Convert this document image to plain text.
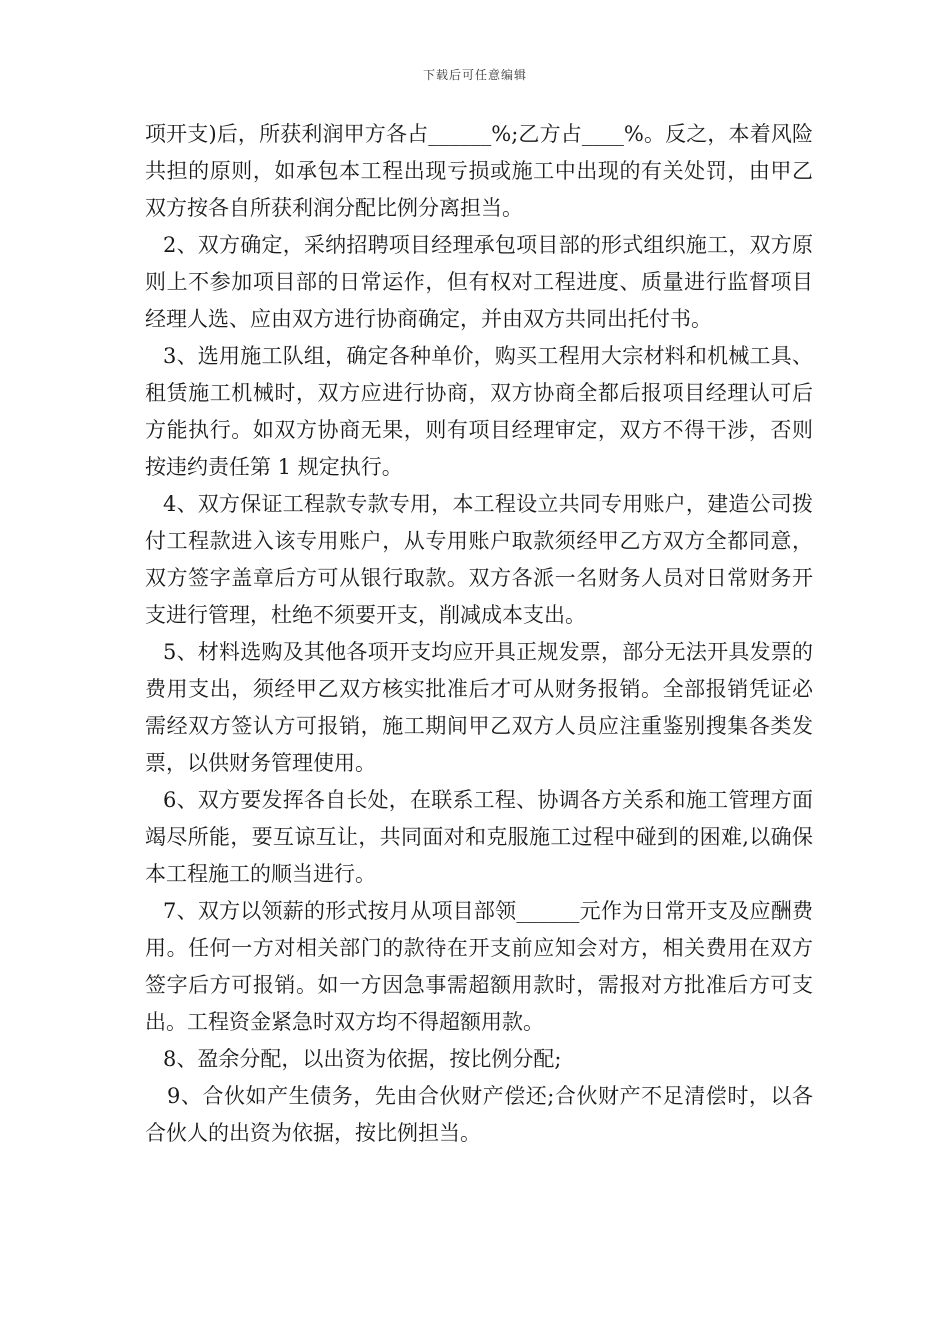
下载后可任意编辑

项开支)后，所获利润甲方各占______%;乙方占____%。反之，本着风险共担的原则，如承包本工程出现亏损或施工中出现的有关处罚，由甲乙双方按各自所获利润分配比例分离担当。

2、双方确定，采纳招聘项目经理承包项目部的形式组织施工，双方原则上不参加项目部的日常运作，但有权对工程进度、质量进行监督项目经理人选、应由双方进行协商确定，并由双方共同出托付书。

3、选用施工队组，确定各种单价，购买工程用大宗材料和机械工具、租赁施工机械时，双方应进行协商，双方协商全都后报项目经理认可后方能执行。如双方协商无果，则有项目经理审定，双方不得干涉，否则按违约责任第 1 规定执行。

4、双方保证工程款专款专用，本工程设立共同专用账户，建造公司拨付工程款进入该专用账户，从专用账户取款须经甲乙方双方全都同意，双方签字盖章后方可从银行取款。双方各派一名财务人员对日常财务开支进行管理，杜绝不须要开支，削减成本支出。

5、材料选购及其他各项开支均应开具正规发票，部分无法开具发票的费用支出，须经甲乙双方核实批准后才可从财务报销。全部报销凭证必需经双方签认方可报销，施工期间甲乙双方人员应注重鉴别搜集各类发票，以供财务管理使用。

6、双方要发挥各自长处，在联系工程、协调各方关系和施工管理方面竭尽所能，要互谅互让，共同面对和克服施工过程中碰到的困难,以确保本工程施工的顺当进行。

7、双方以领薪的形式按月从项目部领______元作为日常开支及应酬费用。任何一方对相关部门的款待在开支前应知会对方，相关费用在双方签字后方可报销。如一方因急事需超额用款时，需报对方批准后方可支出。工程资金紧急时双方均不得超额用款。

8、盈余分配，以出资为依据，按比例分配;

9、合伙如产生债务，先由合伙财产偿还;合伙财产不足清偿时，以各合伙人的出资为依据，按比例担当。
